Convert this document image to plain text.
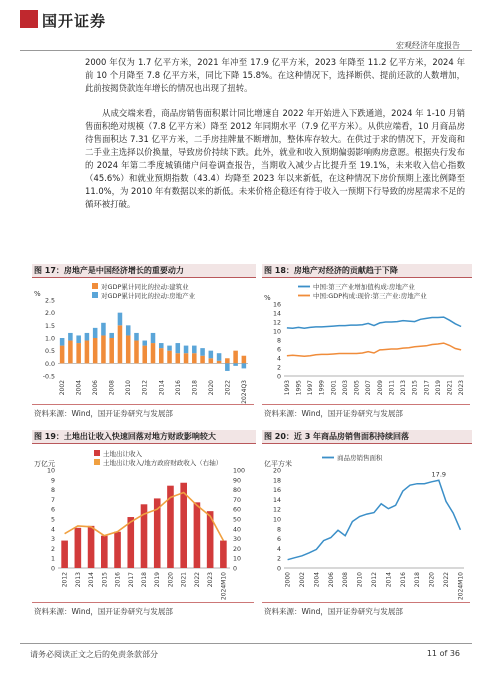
国开证券
宏观经济年度报告
2000 年仅为 1.7 亿平方米，2021 年冲至 17.9 亿平方米，2023 年降至 11.2 亿平方米，2024 年前 10 个月降至 7.8 亿平方米，同比下降 15.8%。在这种情况下，选择断供、提前还款的人数增加，此前按揭贷款连年增长的情况也出现了扭转。
从成交端来看，商品房销售面积累计同比增速自 2022 年开始进入下跌通道，2024 年 1-10 月销售面积绝对规模（7.8 亿平方米）降至 2012 年同期水平（7.9 亿平方米）。从供应端看，10 月商品房待售面积达 7.31 亿平方米，二手房挂牌量不断增加，整体库存较大。在供过于求的情况下，开发商和二手业主选择以价换量，导致房价持续下跌。此外，就业和收入预期偏弱影响购房意愿。根据央行发布的 2024 年第二季度城镇储户问卷调查报告，当期收入减少占比提升至 19.1%，未来收入信心指数（45.6%）和就业预期指数（43.4）均降至 2023 年以来新低，在这种情况下房价预期上涨比例降至 11.0%，为 2010 年有数据以来的新低。未来价格企稳还有待于收入一预期下行导致的房屋需求不足的循环被打破。
图 17：房地产是中国经济增长的重要动力
%
2.5
2.0
1.5
1.0
0.5
0.0
-0.5
2002 2004 2006 2008 2010 2012 2014 2016 2018 2020 2022 2024Q3
对GDP累计同比的拉动:建筑业
对GDP累计同比的拉动:房地产业
资料来源：Wind，国开证券研究与发展部
图 18：房地产对经济的贡献趋于下降
%
16
14
12
10
8
6
4
2
0
1993 1995 1997 1999 2001 2003 2005 2007 2009 2011 2013 2015 2017 2019 2021 2023
中国:第三产业增加值构成:房地产业
中国:GDP构成:现价:第三产业:房地产业
资料来源：Wind，国开证券研究与发展部
图 19：土地出让收入快速回落对地方财政影响较大
万亿元
10
9
8
7
6
5
4
3
2
1
0
100
90
80
70
60
50
40
30
20
10
0
2012 2013 2014 2015 2016 2017 2018 2019 2020 2021 2022 2023 2024M10
土地出让收入
土地出让收入/地方政府财政收入（右轴）
资料来源：Wind，国开证券研究与发展部
图 20：近 3 年商品房销售面积持续回落
亿平方米
20
18
16
14
12
10
8
6
4
2
0
2000 2002 2004 2006 2008 2010 2012 2014 2016 2018 2020 2022 2024M10
17.9
商品房销售面积
资料来源：Wind，国开证券研究与发展部
请务必阅读正文之后的免责条款部分	11 of 36
